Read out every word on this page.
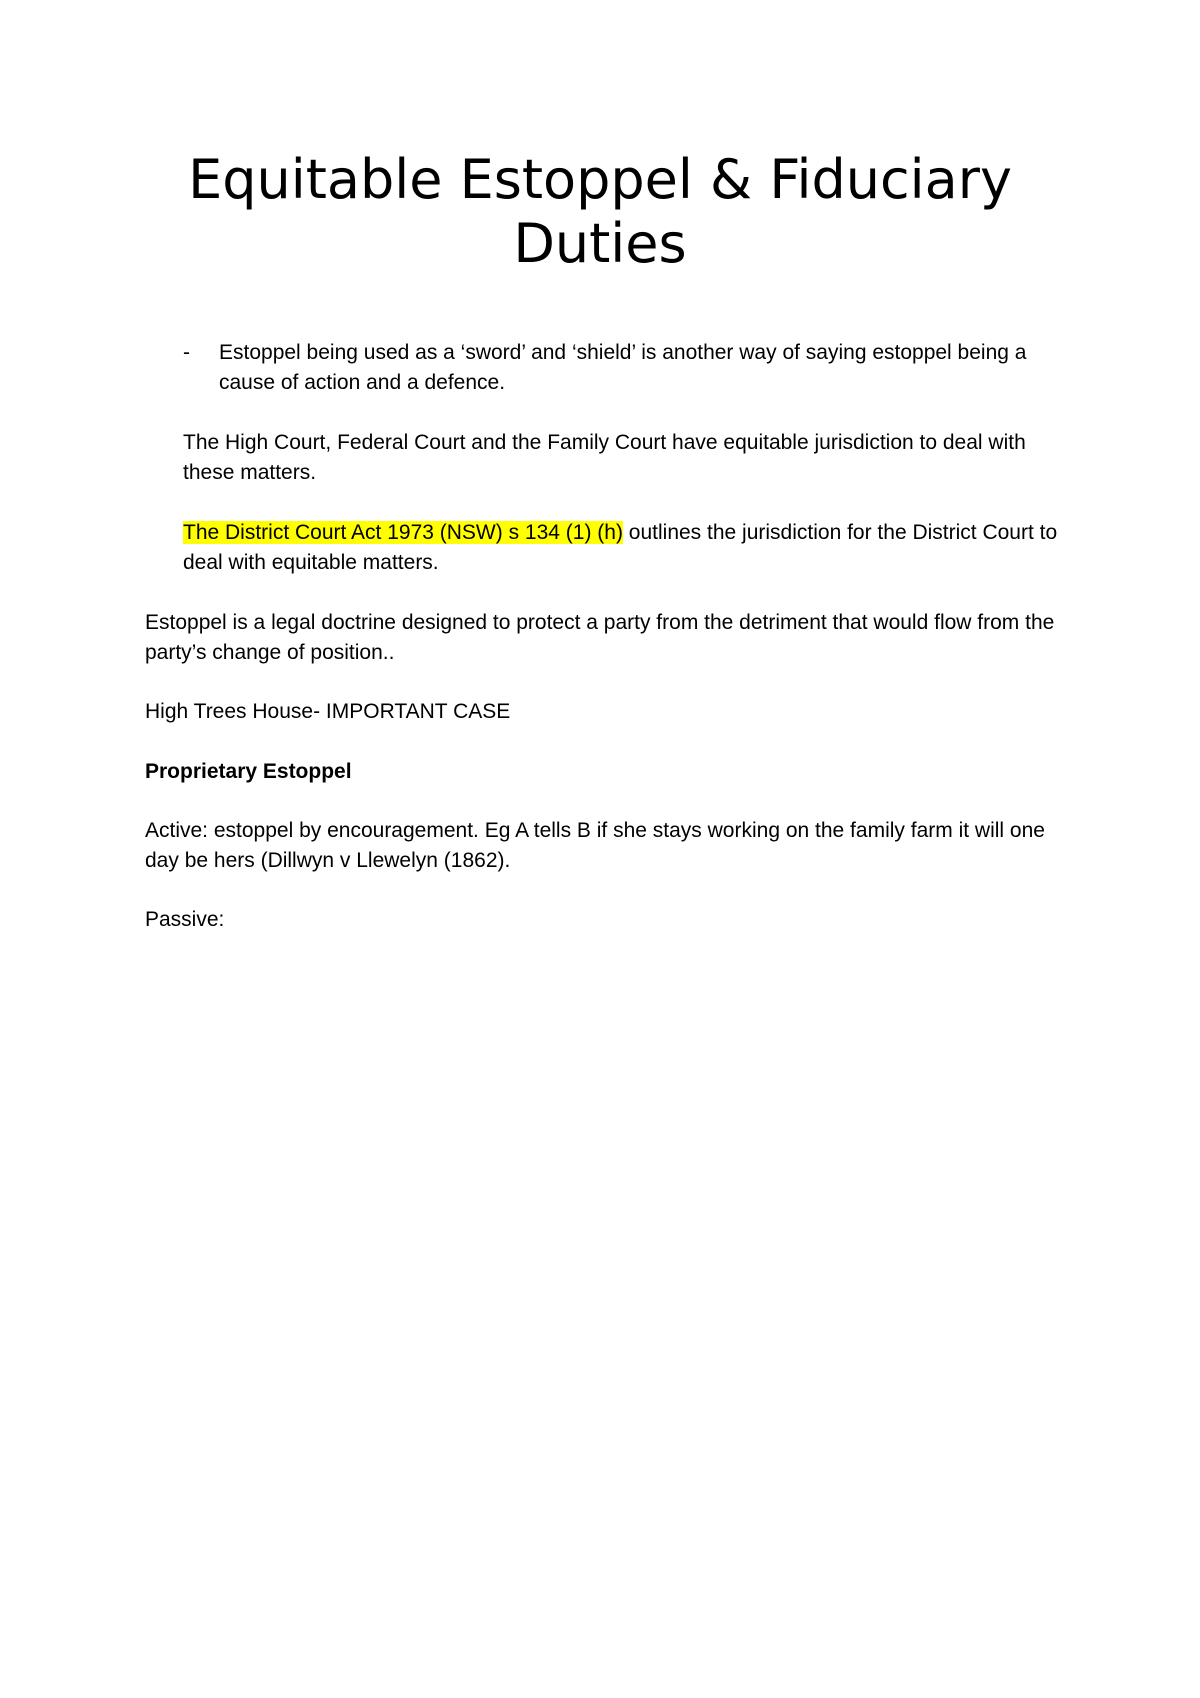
Equitable Estoppel & Fiduciary Duties
- Estoppel being used as a ‘sword’ and ‘shield’ is another way of saying estoppel being a cause of action and a defence.

The High Court, Federal Court and the Family Court have equitable jurisdiction to deal with these matters.

The District Court Act 1973 (NSW) s 134 (1) (h) outlines the jurisdiction for the District Court to deal with equitable matters.

Estoppel is a legal doctrine designed to protect a party from the detriment that would flow from the party’s change of position..

High Trees House- IMPORTANT CASE

Proprietary Estoppel

Active: estoppel by encouragement. Eg A tells B if she stays working on the family farm it will one day be hers (Dillwyn v Llewelyn (1862).

Passive:
